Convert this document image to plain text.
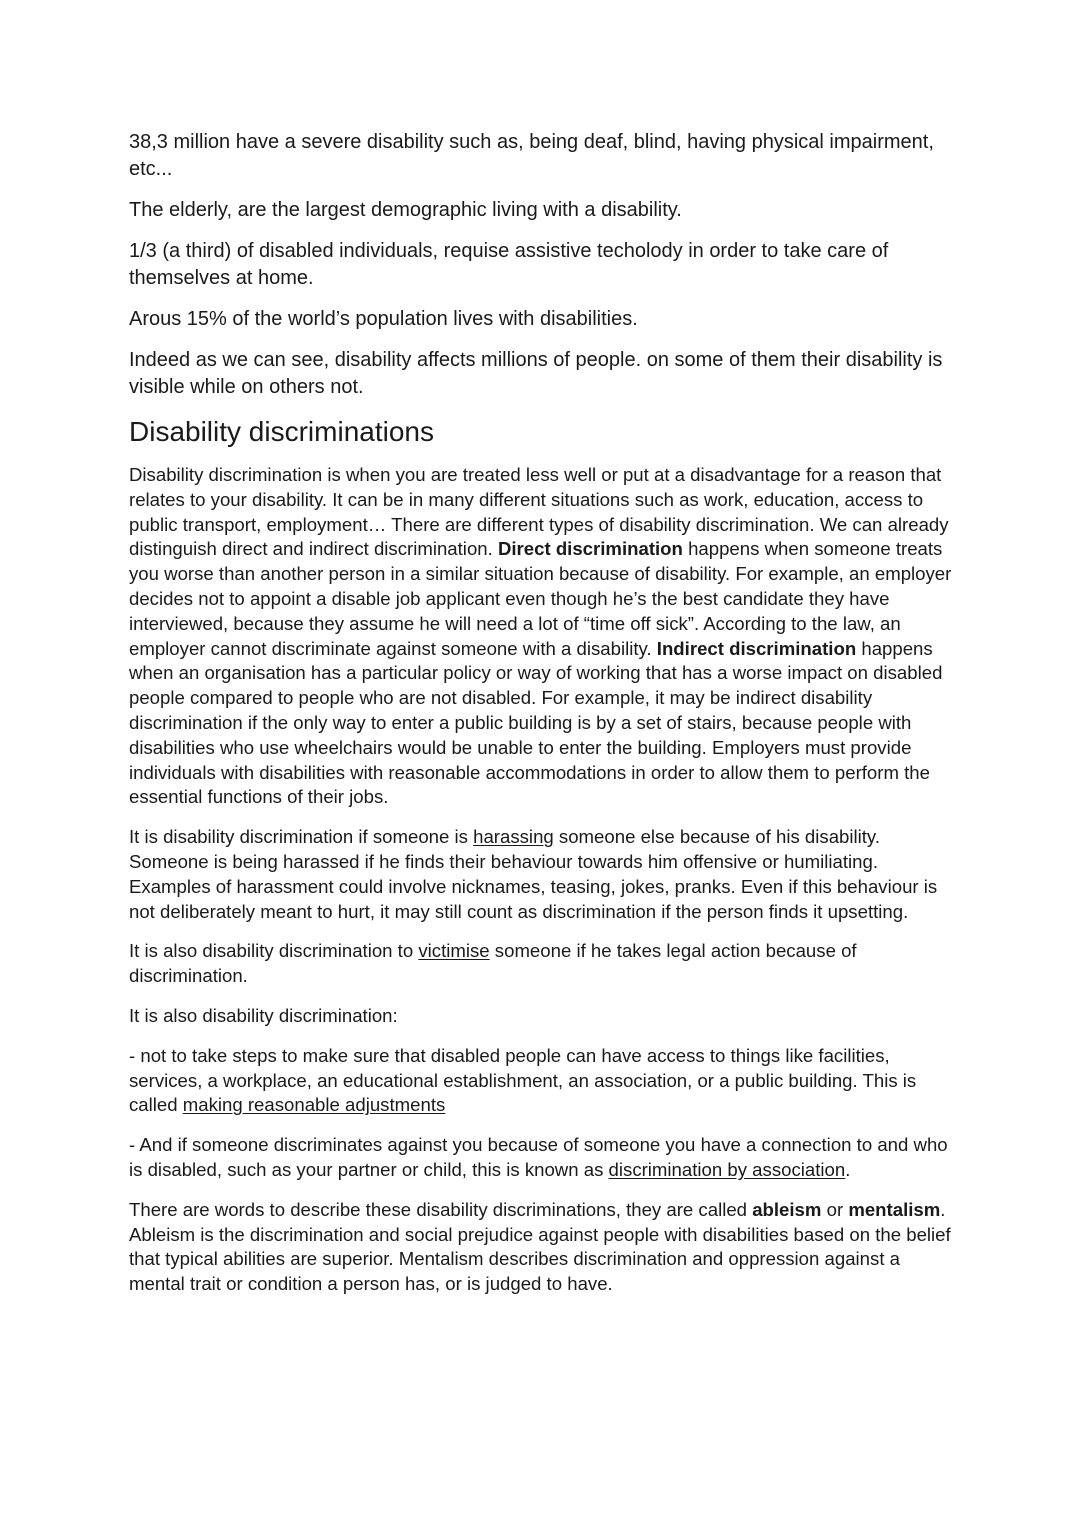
38,3 million have a severe disability such as, being deaf, blind, having physical impairment, etc...

The elderly, are the largest demographic living with a disability.

1/3 (a third) of disabled individuals, requise assistive techolody in order to take care of themselves at home.

Arous 15% of the world’s population lives with disabilities.

Indeed as we can see, disability affects millions of people. on some of them their disability is visible while on others not.

Disability discriminations

Disability discrimination is when you are treated less well or put at a disadvantage for a reason that relates to your disability. It can be in many different situations such as work, education, access to public transport, employment… There are different types of disability discrimination. We can already distinguish direct and indirect discrimination. Direct discrimination happens when someone treats you worse than another person in a similar situation because of disability. For example, an employer decides not to appoint a disable job applicant even though he’s the best candidate they have interviewed, because they assume he will need a lot of “time off sick”. According to the law, an employer cannot discriminate against someone with a disability. Indirect discrimination happens when an organisation has a particular policy or way of working that has a worse impact on disabled people compared to people who are not disabled. For example, it may be indirect disability discrimination if the only way to enter a public building is by a set of stairs, because people with disabilities who use wheelchairs would be unable to enter the building. Employers must provide individuals with disabilities with reasonable accommodations in order to allow them to perform the essential functions of their jobs.

It is disability discrimination if someone is harassing someone else because of his disability. Someone is being harassed if he finds their behaviour towards him offensive or humiliating. Examples of harassment could involve nicknames, teasing, jokes, pranks. Even if this behaviour is not deliberately meant to hurt, it may still count as discrimination if the person finds it upsetting.

It is also disability discrimination to victimise someone if he takes legal action because of discrimination.

It is also disability discrimination:

- not to take steps to make sure that disabled people can have access to things like facilities, services, a workplace, an educational establishment, an association, or a public building. This is called making reasonable adjustments

- And if someone discriminates against you because of someone you have a connection to and who is disabled, such as your partner or child, this is known as discrimination by association.

There are words to describe these disability discriminations, they are called ableism or mentalism. Ableism is the discrimination and social prejudice against people with disabilities based on the belief that typical abilities are superior. Mentalism describes discrimination and oppression against a mental trait or condition a person has, or is judged to have.
